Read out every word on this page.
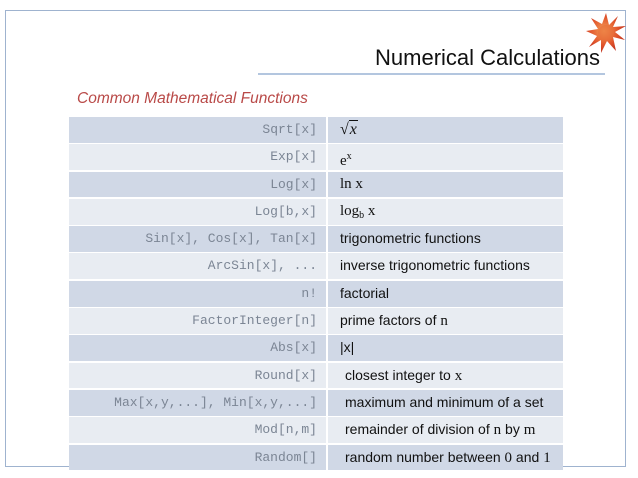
Numerical Calculations
Common Mathematical Functions
Sqrt[x]	√x
Exp[x]	$e^x$
Log[x]	ln x
Log[b,x]	$\log_b x$
Sin[x], Cos[x], Tan[x]	trigonometric functions
ArcSin[x], ...	inverse trigonometric functions
n!	factorial
FactorInteger[n]	prime factors of n
Abs[x]	|x|
Round[x]	closest integer to x
Max[x,y,...], Min[x,y,...]	maximum and minimum of a set
Mod[n,m]	remainder of division of n by m
Random[]	random number between 0 and 1
